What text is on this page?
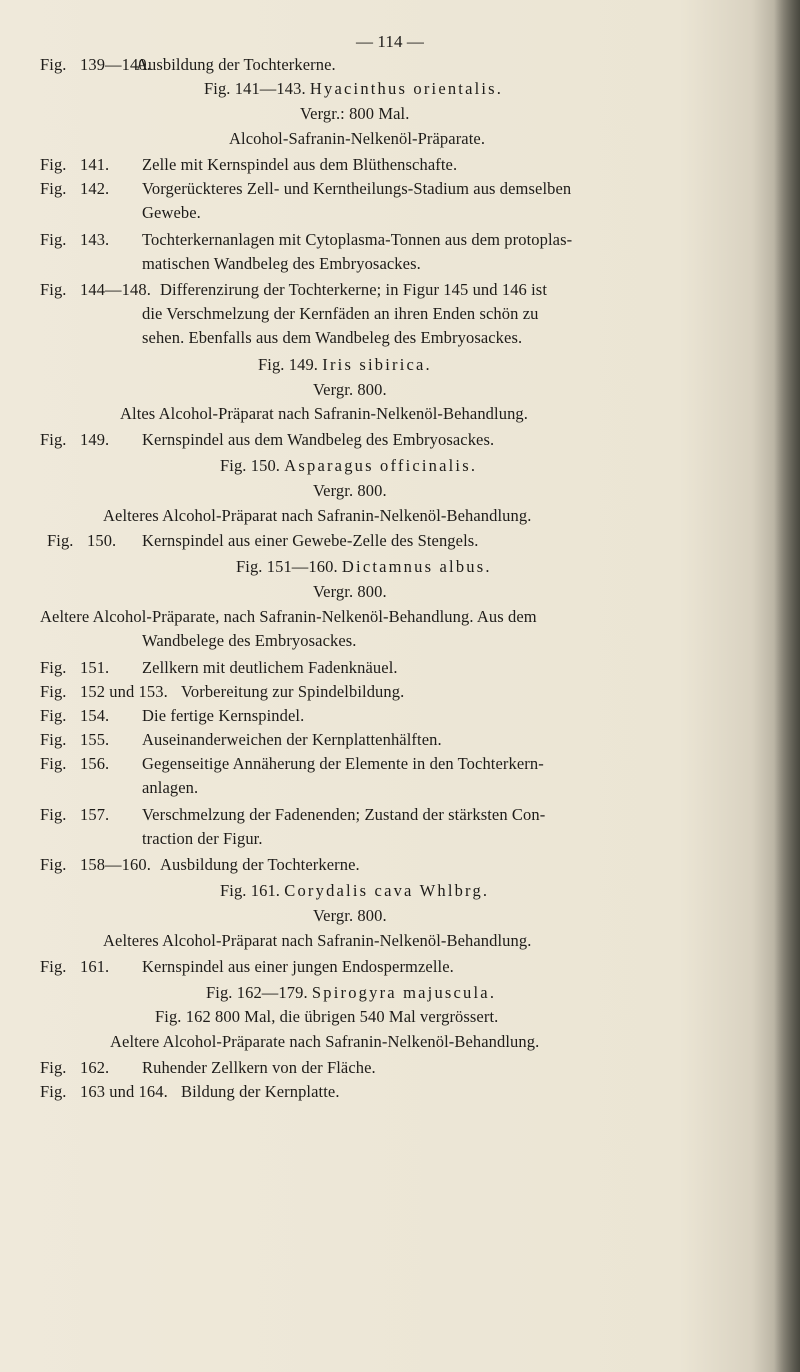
— 114 —
Fig. 139—140.
Ausbildung der Tochterkerne.
Fig. 141—143. Hyacinthus orientalis.
Vergr.: 800 Mal.
Alcohol-Safranin-Nelkenöl-Präparate.
Fig. 141. Zelle mit Kernspindel aus dem Blüthenschafte.
Fig. 142. Vorgerückteres Zell- und Kerntheilungs-Stadium aus demselben
Gewebe.
Fig. 143. Tochterkernanlagen mit Cytoplasma-Tonnen aus dem protoplas-
matischen Wandbeleg des Embryosackes.
Fig. 144—148. Differenzirung der Tochterkerne; in Figur 145 und 146 ist
die Verschmelzung der Kernfäden an ihren Enden schön zu
sehen. Ebenfalls aus dem Wandbeleg des Embryosackes.
Fig. 149. Iris sibirica.
Vergr. 800.
Altes Alcohol-Präparat nach Safranin-Nelkenöl-Behandlung.
Fig. 149. Kernspindel aus dem Wandbeleg des Embryosackes.
Fig. 150. Asparagus officinalis.
Vergr. 800.
Aelteres Alcohol-Präparat nach Safranin-Nelkenöl-Behandlung.
Fig. 150. Kernspindel aus einer Gewebe-Zelle des Stengels.
Fig. 151—160. Dictamnus albus.
Vergr. 800.
Aeltere Alcohol-Präparate, nach Safranin-Nelkenöl-Behandlung. Aus dem
Wandbelege des Embryosackes.
Fig. 151. Zellkern mit deutlichem Fadenknäuel.
Fig. 152 und 153. Vorbereitung zur Spindelbildung.
Fig. 154. Die fertige Kernspindel.
Fig. 155. Auseinanderweichen der Kernplattenhälften.
Fig. 156. Gegenseitige Annäherung der Elemente in den Tochterkern-
anlagen.
Fig. 157. Verschmelzung der Fadenenden; Zustand der stärksten Con-
traction der Figur.
Fig. 158—160. Ausbildung der Tochterkerne.
Fig. 161. Corydalis cava Whlbrg.
Vergr. 800.
Aelteres Alcohol-Präparat nach Safranin-Nelkenöl-Behandlung.
Fig. 161. Kernspindel aus einer jungen Endospermzelle.
Fig. 162—179. Spirogyra majuscula.
Fig. 162 800 Mal, die übrigen 540 Mal vergrössert.
Aeltere Alcohol-Präparate nach Safranin-Nelkenöl-Behandlung.
Fig. 162. Ruhender Zellkern von der Fläche.
Fig. 163 und 164. Bildung der Kernplatte.
